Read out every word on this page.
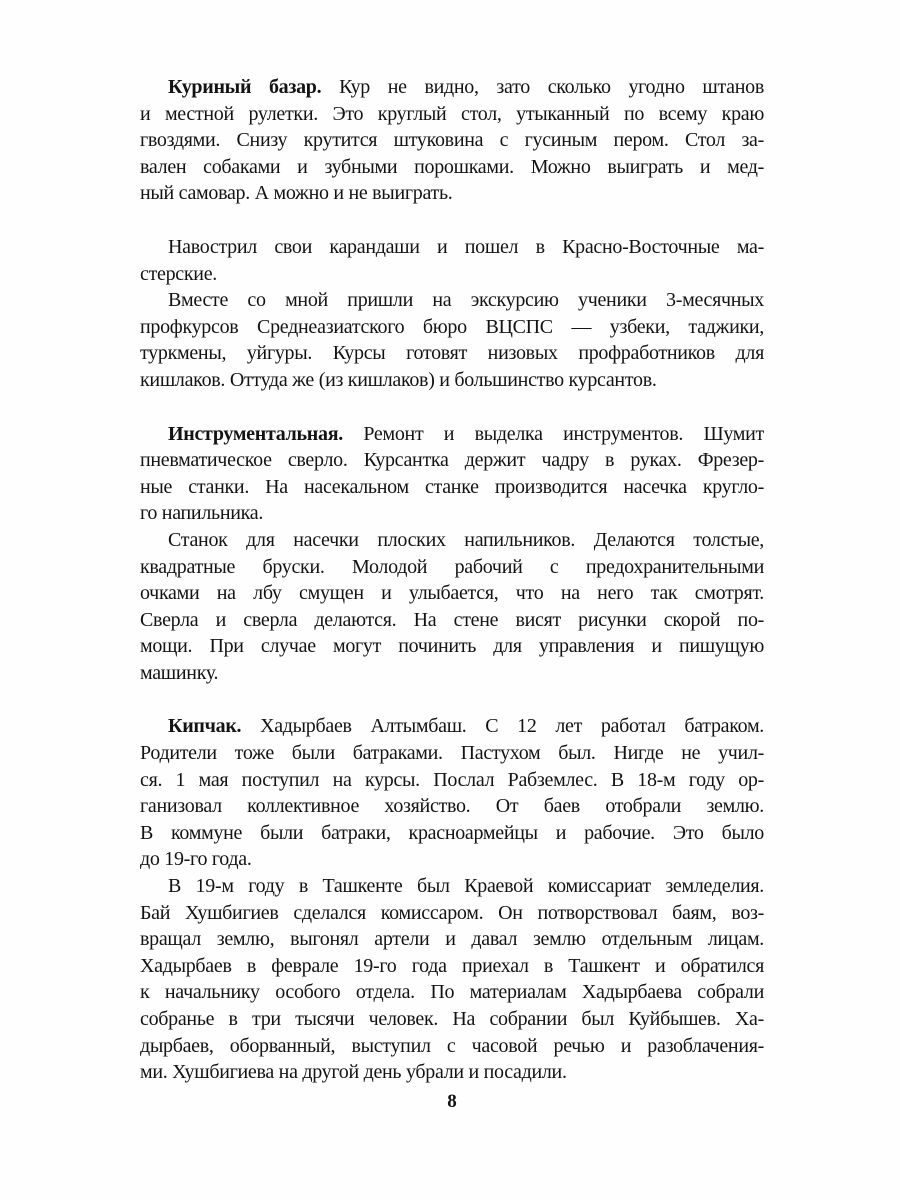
Куриный базар. Кур не видно, зато сколько угодно штанов
и местной рулетки. Это круглый стол, утыканный по всему краю
гвоздями. Снизу крутится штуковина с гусиным пером. Стол за-
вален собаками и зубными порошками. Можно выиграть и мед-
ный самовар. А можно и не выиграть.
Навострил свои карандаши и пошел в Красно-Восточные ма-
стерские.
Вместе со мной пришли на экскурсию ученики 3-месячных
профкурсов Среднеазиатского бюро ВЦСПС — узбеки, таджики,
туркмены, уйгуры. Курсы готовят низовых профработников для
кишлаков. Оттуда же (из кишлаков) и большинство курсантов.
Инструментальная. Ремонт и выделка инструментов. Шумит
пневматическое сверло. Курсантка держит чадру в руках. Фрезер-
ные станки. На насекальном станке производится насечка кругло-
го напильника.
Станок для насечки плоских напильников. Делаются толстые,
квадратные бруски. Молодой рабочий с предохранительными
очками на лбу смущен и улыбается, что на него так смотрят.
Сверла и сверла делаются. На стене висят рисунки скорой по-
мощи. При случае могут починить для управления и пишущую
машинку.
Кипчак. Хадырбаев Алтымбаш. С 12 лет работал батраком.
Родители тоже были батраками. Пастухом был. Нигде не учил-
ся. 1 мая поступил на курсы. Послал Рабземлес. В 18-м году ор-
ганизовал коллективное хозяйство. От баев отобрали землю.
В коммуне были батраки, красноармейцы и рабочие. Это было
до 19-го года.
В 19-м году в Ташкенте был Краевой комиссариат земледелия.
Бай Хушбигиев сделался комиссаром. Он потворствовал баям, воз-
вращал землю, выгонял артели и давал землю отдельным лицам.
Хадырбаев в феврале 19-го года приехал в Ташкент и обратился
к начальнику особого отдела. По материалам Хадырбаева собрали
собранье в три тысячи человек. На собрании был Куйбышев. Ха-
дырбаев, оборванный, выступил с часовой речью и разоблачения-
ми. Хушбигиева на другой день убрали и посадили.
8
